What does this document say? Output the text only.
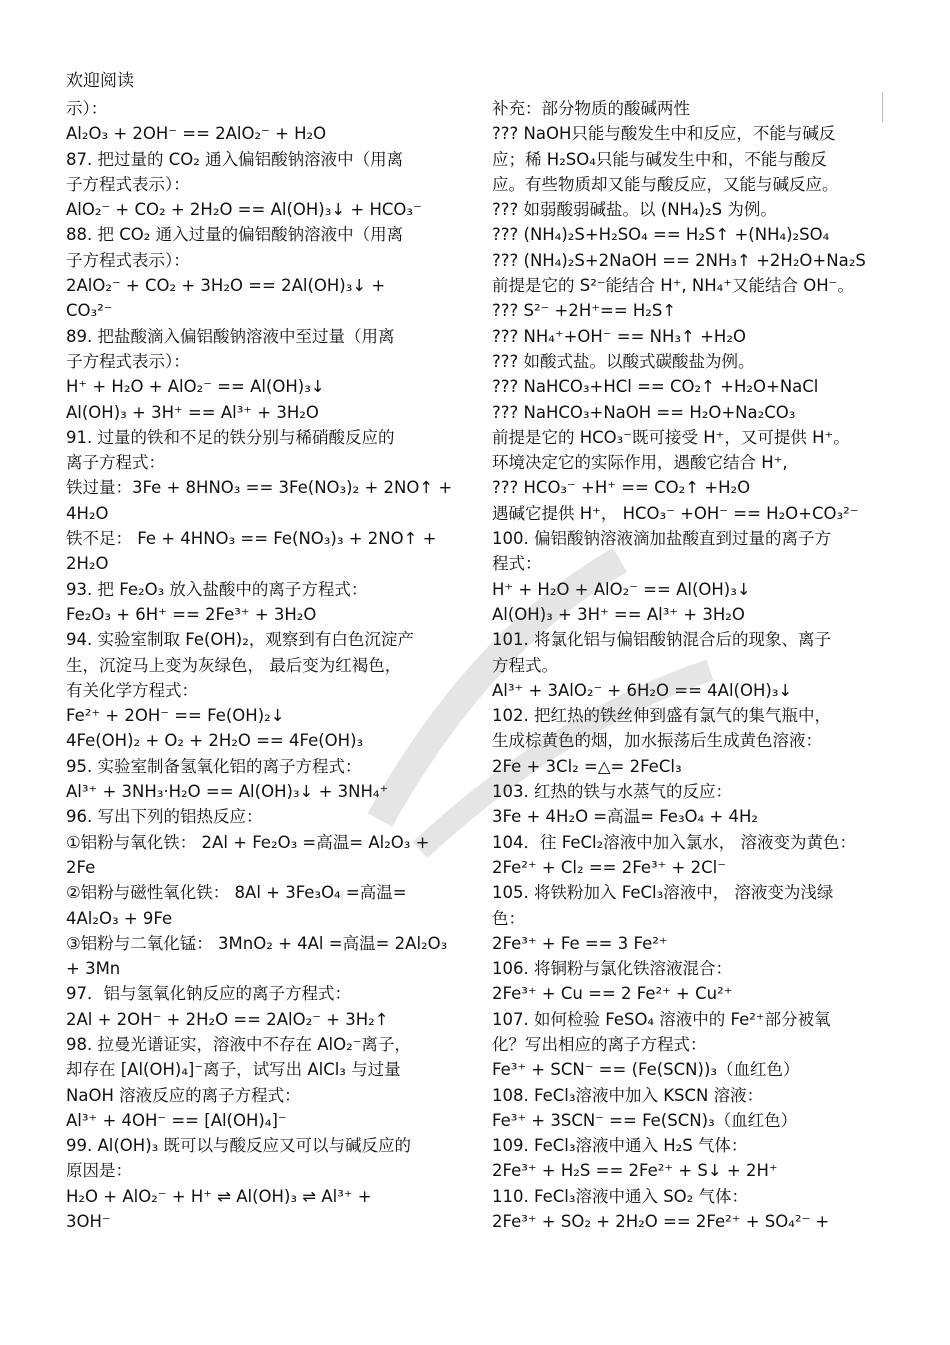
欢迎阅读
示）：
Al₂O₃ + 2OH⁻ == 2AlO₂⁻ + H₂O
87. 把过量的 CO₂ 通入偏铝酸钠溶液中（用离
子方程式表示）：
AlO₂⁻ + CO₂ + 2H₂O == Al(OH)₃↓ + HCO₃⁻
88. 把 CO₂ 通入过量的偏铝酸钠溶液中（用离
子方程式表示）：
2AlO₂⁻ + CO₂ + 3H₂O == 2Al(OH)₃↓ +
CO₃²⁻
89. 把盐酸滴入偏铝酸钠溶液中至过量（用离
子方程式表示）：
H⁺ + H₂O + AlO₂⁻ == Al(OH)₃↓
Al(OH)₃ + 3H⁺ == Al³⁺ + 3H₂O
91. 过量的铁和不足的铁分别与稀硝酸反应的
离子方程式：
铁过量：3Fe + 8HNO₃ == 3Fe(NO₃)₂ + 2NO↑ +
4H₂O
铁不足： Fe + 4HNO₃ == Fe(NO₃)₃ + 2NO↑ +
2H₂O
93. 把 Fe₂O₃ 放入盐酸中的离子方程式：
Fe₂O₃ + 6H⁺ == 2Fe³⁺ + 3H₂O
94. 实验室制取 Fe(OH)₂，观察到有白色沉淀产
生，沉淀马上变为灰绿色， 最后变为红褐色，
有关化学方程式：
Fe²⁺ + 2OH⁻ == Fe(OH)₂↓
4Fe(OH)₂ + O₂ + 2H₂O == 4Fe(OH)₃
95. 实验室制备氢氧化铝的离子方程式：
Al³⁺ + 3NH₃·H₂O == Al(OH)₃↓ + 3NH₄⁺
96. 写出下列的铝热反应：
①铝粉与氧化铁： 2Al + Fe₂O₃ =高温= Al₂O₃ +
2Fe
②铝粉与磁性氧化铁： 8Al + 3Fe₃O₄ =高温=
4Al₂O₃ + 9Fe
③铝粉与二氧化锰： 3MnO₂ + 4Al =高温= 2Al₂O₃
+ 3Mn
97．铝与氢氧化钠反应的离子方程式：
2Al + 2OH⁻ + 2H₂O == 2AlO₂⁻ + 3H₂↑
98. 拉曼光谱证实，溶液中不存在 AlO₂⁻离子，
却存在 [Al(OH)₄]⁻离子，试写出 AlCl₃ 与过量
NaOH 溶液反应的离子方程式：
Al³⁺ + 4OH⁻ == [Al(OH)₄]⁻
99. Al(OH)₃ 既可以与酸反应又可以与碱反应的
原因是：
H₂O + AlO₂⁻ + H⁺ ⇌ Al(OH)₃ ⇌ Al³⁺ +
3OH⁻
补充：部分物质的酸碱两性
??? NaOH只能与酸发生中和反应，不能与碱反
应；稀 H₂SO₄只能与碱发生中和，不能与酸反
应。有些物质却又能与酸反应，又能与碱反应。
??? 如弱酸弱碱盐。以 (NH₄)₂S 为例。
??? (NH₄)₂S+H₂SO₄ == H₂S↑ +(NH₄)₂SO₄
??? (NH₄)₂S+2NaOH == 2NH₃↑ +2H₂O+Na₂S
前提是它的 S²⁻能结合 H⁺, NH₄⁺又能结合 OH⁻。
??? S²⁻ +2H⁺== H₂S↑
??? NH₄⁺+OH⁻ == NH₃↑ +H₂O
??? 如酸式盐。以酸式碳酸盐为例。
??? NaHCO₃+HCl == CO₂↑ +H₂O+NaCl
??? NaHCO₃+NaOH == H₂O+Na₂CO₃
前提是它的 HCO₃⁻既可接受 H⁺，又可提供 H⁺。
环境决定它的实际作用，遇酸它结合 H⁺,
??? HCO₃⁻ +H⁺ == CO₂↑ +H₂O
遇碱它提供 H⁺， HCO₃⁻ +OH⁻ == H₂O+CO₃²⁻
100. 偏铝酸钠溶液滴加盐酸直到过量的离子方
程式：
H⁺ + H₂O + AlO₂⁻ == Al(OH)₃↓
Al(OH)₃ + 3H⁺ == Al³⁺ + 3H₂O
101. 将氯化铝与偏铝酸钠混合后的现象、离子
方程式。
Al³⁺ + 3AlO₂⁻ + 6H₂O == 4Al(OH)₃↓
102. 把红热的铁丝伸到盛有氯气的集气瓶中，
生成棕黄色的烟，加水振荡后生成黄色溶液：
2Fe + 3Cl₂ =△= 2FeCl₃
103. 红热的铁与水蒸气的反应：
3Fe + 4H₂O =高温= Fe₃O₄ + 4H₂
104．往 FeCl₂溶液中加入氯水， 溶液变为黄色：
2Fe²⁺ + Cl₂ == 2Fe³⁺ + 2Cl⁻
105. 将铁粉加入 FeCl₃溶液中， 溶液变为浅绿
色：
2Fe³⁺ + Fe == 3 Fe²⁺
106. 将铜粉与氯化铁溶液混合：
2Fe³⁺ + Cu == 2 Fe²⁺ + Cu²⁺
107. 如何检验 FeSO₄ 溶液中的 Fe²⁺部分被氧
化？写出相应的离子方程式：
Fe³⁺ + SCN⁻ == (Fe(SCN))₃（血红色）
108. FeCl₃溶液中加入 KSCN 溶液：
Fe³⁺ + 3SCN⁻ == Fe(SCN)₃（血红色）
109. FeCl₃溶液中通入 H₂S 气体：
2Fe³⁺ + H₂S == 2Fe²⁺ + S↓ + 2H⁺
110. FeCl₃溶液中通入 SO₂ 气体：
2Fe³⁺ + SO₂ + 2H₂O == 2Fe²⁺ + SO₄²⁻ +
